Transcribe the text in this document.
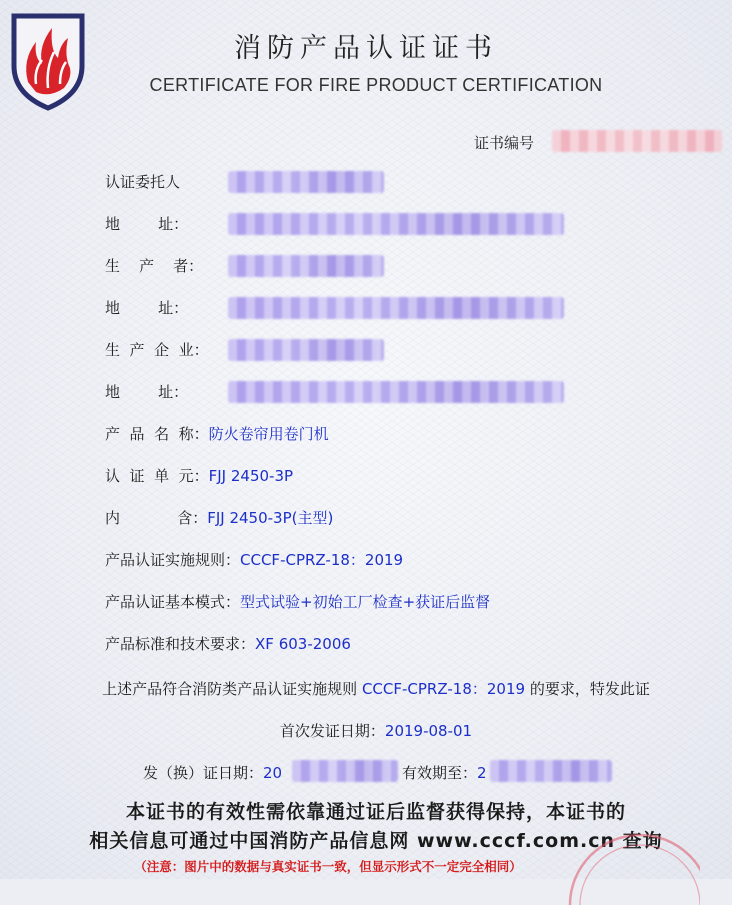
消防产品认证证书
CERTIFICATE FOR FIRE PRODUCT CERTIFICATION
证书编号
认证委托人
地        址：
生    产    者：
地        址：
生  产  企  业：
地        址：
产  品  名  称：防火卷帘用卷门机
认  证  单  元：FJJ 2450-3P
内            含：FJJ 2450-3P(主型)
产品认证实施规则：CCCF-CPRZ-18：2019
产品认证基本模式：型式试验+初始工厂检查+获证后监督
产品标准和技术要求：XF 603-2006
上述产品符合消防类产品认证实施规则 CCCF-CPRZ-18：2019 的要求，特发此证
首次发证日期：2019-08-01
发（换）证日期：20	有效期至：2
本证书的有效性需依靠通过证后监督获得保持，本证书的
相关信息可通过中国消防产品信息网 www.cccf.com.cn 查询
（注意：图片中的数据与真实证书一致，但显示形式不一定完全相同）
